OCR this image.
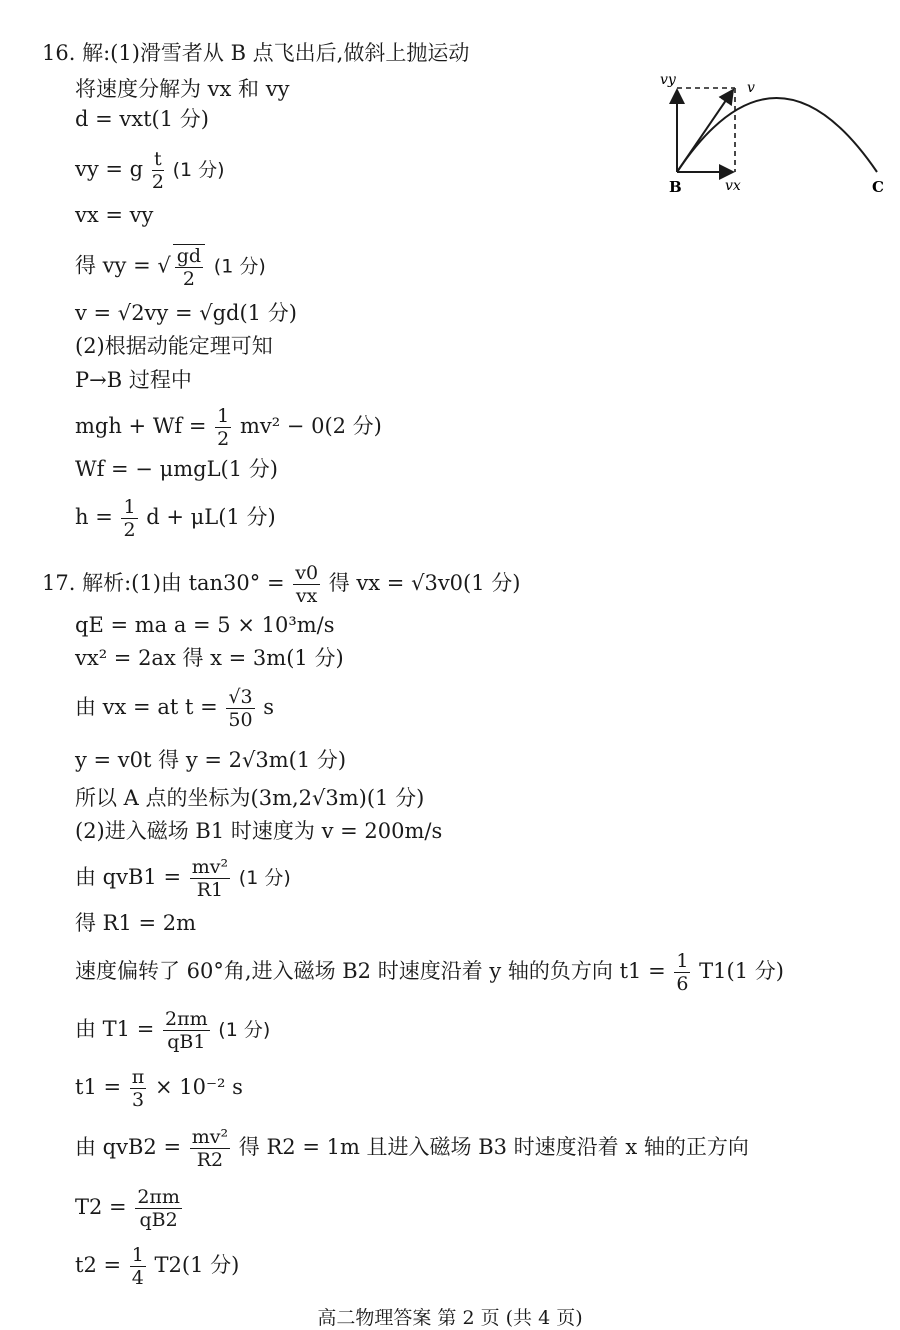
16. 解:(1)滑雪者从 B 点飞出后,做斜上抛运动
将速度分解为 vx 和 vy
d = vxt(1 分)
vy = g $\frac{t}{2} (1$ 分)
vx = vy
得 vy = √ $\frac{gd}{2} (1$ 分)
v = √2vy = √gd(1 分)
(2)根据动能定理可知
P→B 过程中
mgh + $Wf = \frac{1}{2} mv^2 - 0(2$ 分)
Wf = − μmgL(1 分)
$h = \frac{1}{2}$ d + μL(1 分)
vy	v
B	vx	C
17. 解析:(1)由 $\tan 30^\circ = \frac{v0}{vx}$ 得 vx = √3v0(1 分)
qE = ma a = 5 × 10³m/s
vx² = 2ax 得 x = 3m(1 分)
由 vx = at $t = \frac{√3}{50}$ s
y = v0t 得 y = 2√3m(1 分)
所以 A 点的坐标为(3m,2√3m)(1 分)
(2)进入磁场 B1 时速度为 v = 200m/s
由 $qvB1 = \frac{\text{mv²}}{R1} (1$ 分)
得 R1 = 2m
速度偏转了 60°角,进入磁场 B2 时速度沿着 y 轴的负方向 $t1 = \frac{1}{6} T1(1$ 分)
由 $T1 = \frac{2\pi m}{qB1} (1$ 分)
$t1 = \frac{\pi}{3} \times 10^{-2}$ s
由 $qvB2 = \frac{\text{mv²}}{R2}$ 得 R2 = 1m 且进入磁场 B3 时速度沿着 x 轴的正方向
$T2 = \frac{2\pi m}{qB2}$
$t2 = \frac{1}{4} T2(1$ 分)
高二物理答案 第 2 页 (共 4 页)
